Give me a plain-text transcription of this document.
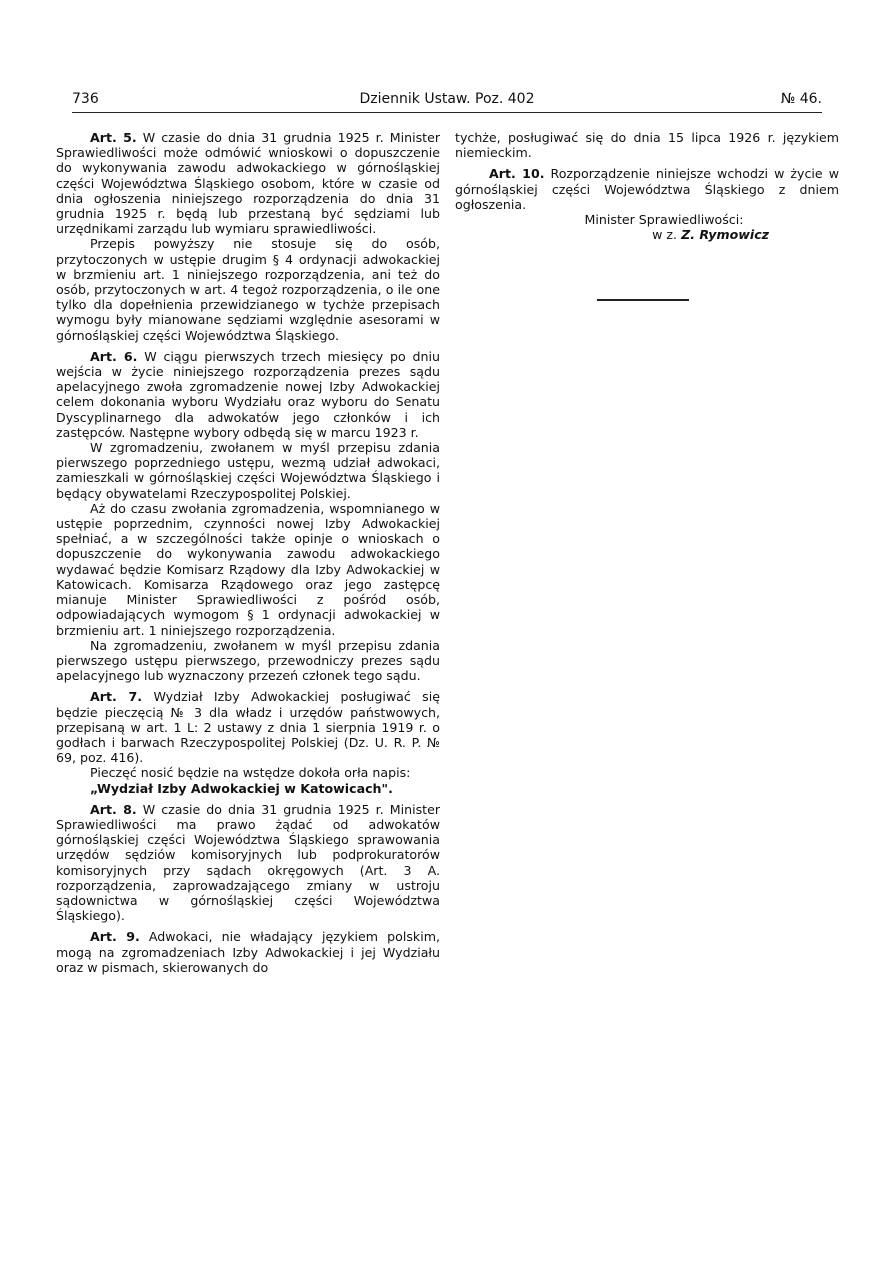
736	Dziennik Ustaw. Poz. 402	№ 46.

Art. 5. W czasie do dnia 31 grudnia 1925 r. Minister Sprawiedliwości może odmówić wnioskowi o dopuszczenie do wykonywania zawodu adwokackiego w górnośląskiej części Województwa Śląskiego osobom, które w czasie od dnia ogłoszenia niniejszego rozporządzenia do dnia 31 grudnia 1925 r. będą lub przestaną być sędziami lub urzędnikami zarządu lub wymiaru sprawiedliwości.

Przepis powyższy nie stosuje się do osób, przytoczonych w ustępie drugim § 4 ordynacji adwokackiej w brzmieniu art. 1 niniejszego rozporządzenia, ani też do osób, przytoczonych w art. 4 tegoż rozporządzenia, o ile one tylko dla dopełnienia przewidzianego w tychże przepisach wymogu były mianowane sędziami względnie asesorami w górnośląskiej części Województwa Śląskiego.

Art. 6. W ciągu pierwszych trzech miesięcy po dniu wejścia w życie niniejszego rozporządzenia prezes sądu apelacyjnego zwoła zgromadzenie nowej Izby Adwokackiej celem dokonania wyboru Wydziału oraz wyboru do Senatu Dyscyplinarnego dla adwokatów jego członków i ich zastępców. Następne wybory odbędą się w marcu 1923 r.

W zgromadzeniu, zwołanem w myśl przepisu zdania pierwszego poprzedniego ustępu, wezmą udział adwokaci, zamieszkali w górnośląskiej części Województwa Śląskiego i będący obywatelami Rzeczypospolitej Polskiej.

Aż do czasu zwołania zgromadzenia, wspomnianego w ustępie poprzednim, czynności nowej Izby Adwokackiej spełniać, a w szczególności także opinje o wnioskach o dopuszczenie do wykonywania zawodu adwokackiego wydawać będzie Komisarz Rządowy dla Izby Adwokackiej w Katowicach. Komisarza Rządowego oraz jego zastępcę mianuje Minister Sprawiedliwości z pośród osób, odpowiadających wymogom § 1 ordynacji adwokackiej w brzmieniu art. 1 niniejszego rozporządzenia.

Na zgromadzeniu, zwołanem w myśl przepisu zdania pierwszego ustępu pierwszego, przewodniczy prezes sądu apelacyjnego lub wyznaczony przezeń członek tego sądu.

Art. 7. Wydział Izby Adwokackiej posługiwać się będzie pieczęcią № 3 dla władz i urzędów państwowych, przepisaną w art. 1 L: 2 ustawy z dnia 1 sierpnia 1919 r. o godłach i barwach Rzeczypospolitej Polskiej (Dz. U. R. P. № 69, poz. 416).

Pieczęć nosić będzie na wstędze dokoła orła napis:

„Wydział Izby Adwokackiej w Katowicach".

Art. 8. W czasie do dnia 31 grudnia 1925 r. Minister Sprawiedliwości ma prawo żądać od adwokatów górnośląskiej części Województwa Śląskiego sprawowania urzędów sędziów komisoryjnych lub podprokuratorów komisoryjnych przy sądach okręgowych (Art. 3 A. rozporządzenia, zaprowadzającego zmiany w ustroju sądownictwa w górnośląskiej części Województwa Śląskiego).

Art. 9. Adwokaci, nie władający językiem polskim, mogą na zgromadzeniach Izby Adwokackiej i jej Wydziału oraz w pismach, skierowanych do

tychże, posługiwać się do dnia 15 lipca 1926 r. językiem niemieckim.

Art. 10. Rozporządzenie niniejsze wchodzi w życie w górnośląskiej części Województwa Śląskiego z dniem ogłoszenia.

Minister Sprawiedliwości:

w z. Z. Rymowicz
